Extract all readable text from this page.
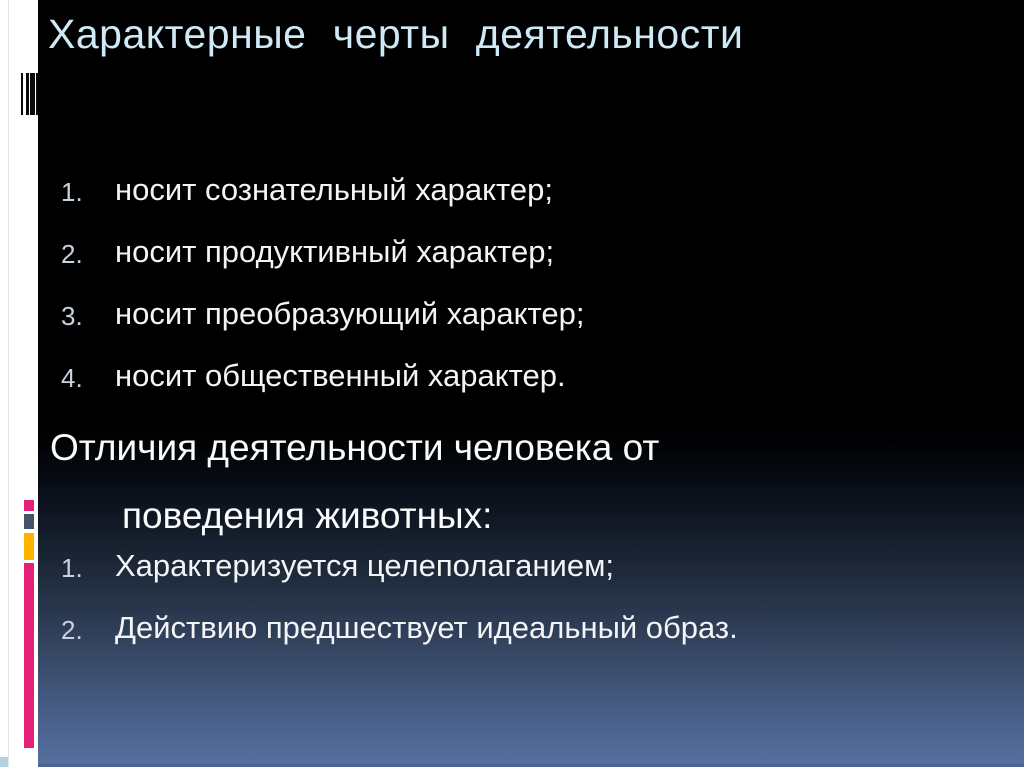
Характерные черты деятельности
1.	носит сознательный характер;
2.	носит продуктивный характер;
3.	носит преобразующий характер;
4.	носит общественный характер.
Отличия деятельности человека от
поведения животных:
1.	Характеризуется целеполаганием;
2.	Действию предшествует идеальный образ.
